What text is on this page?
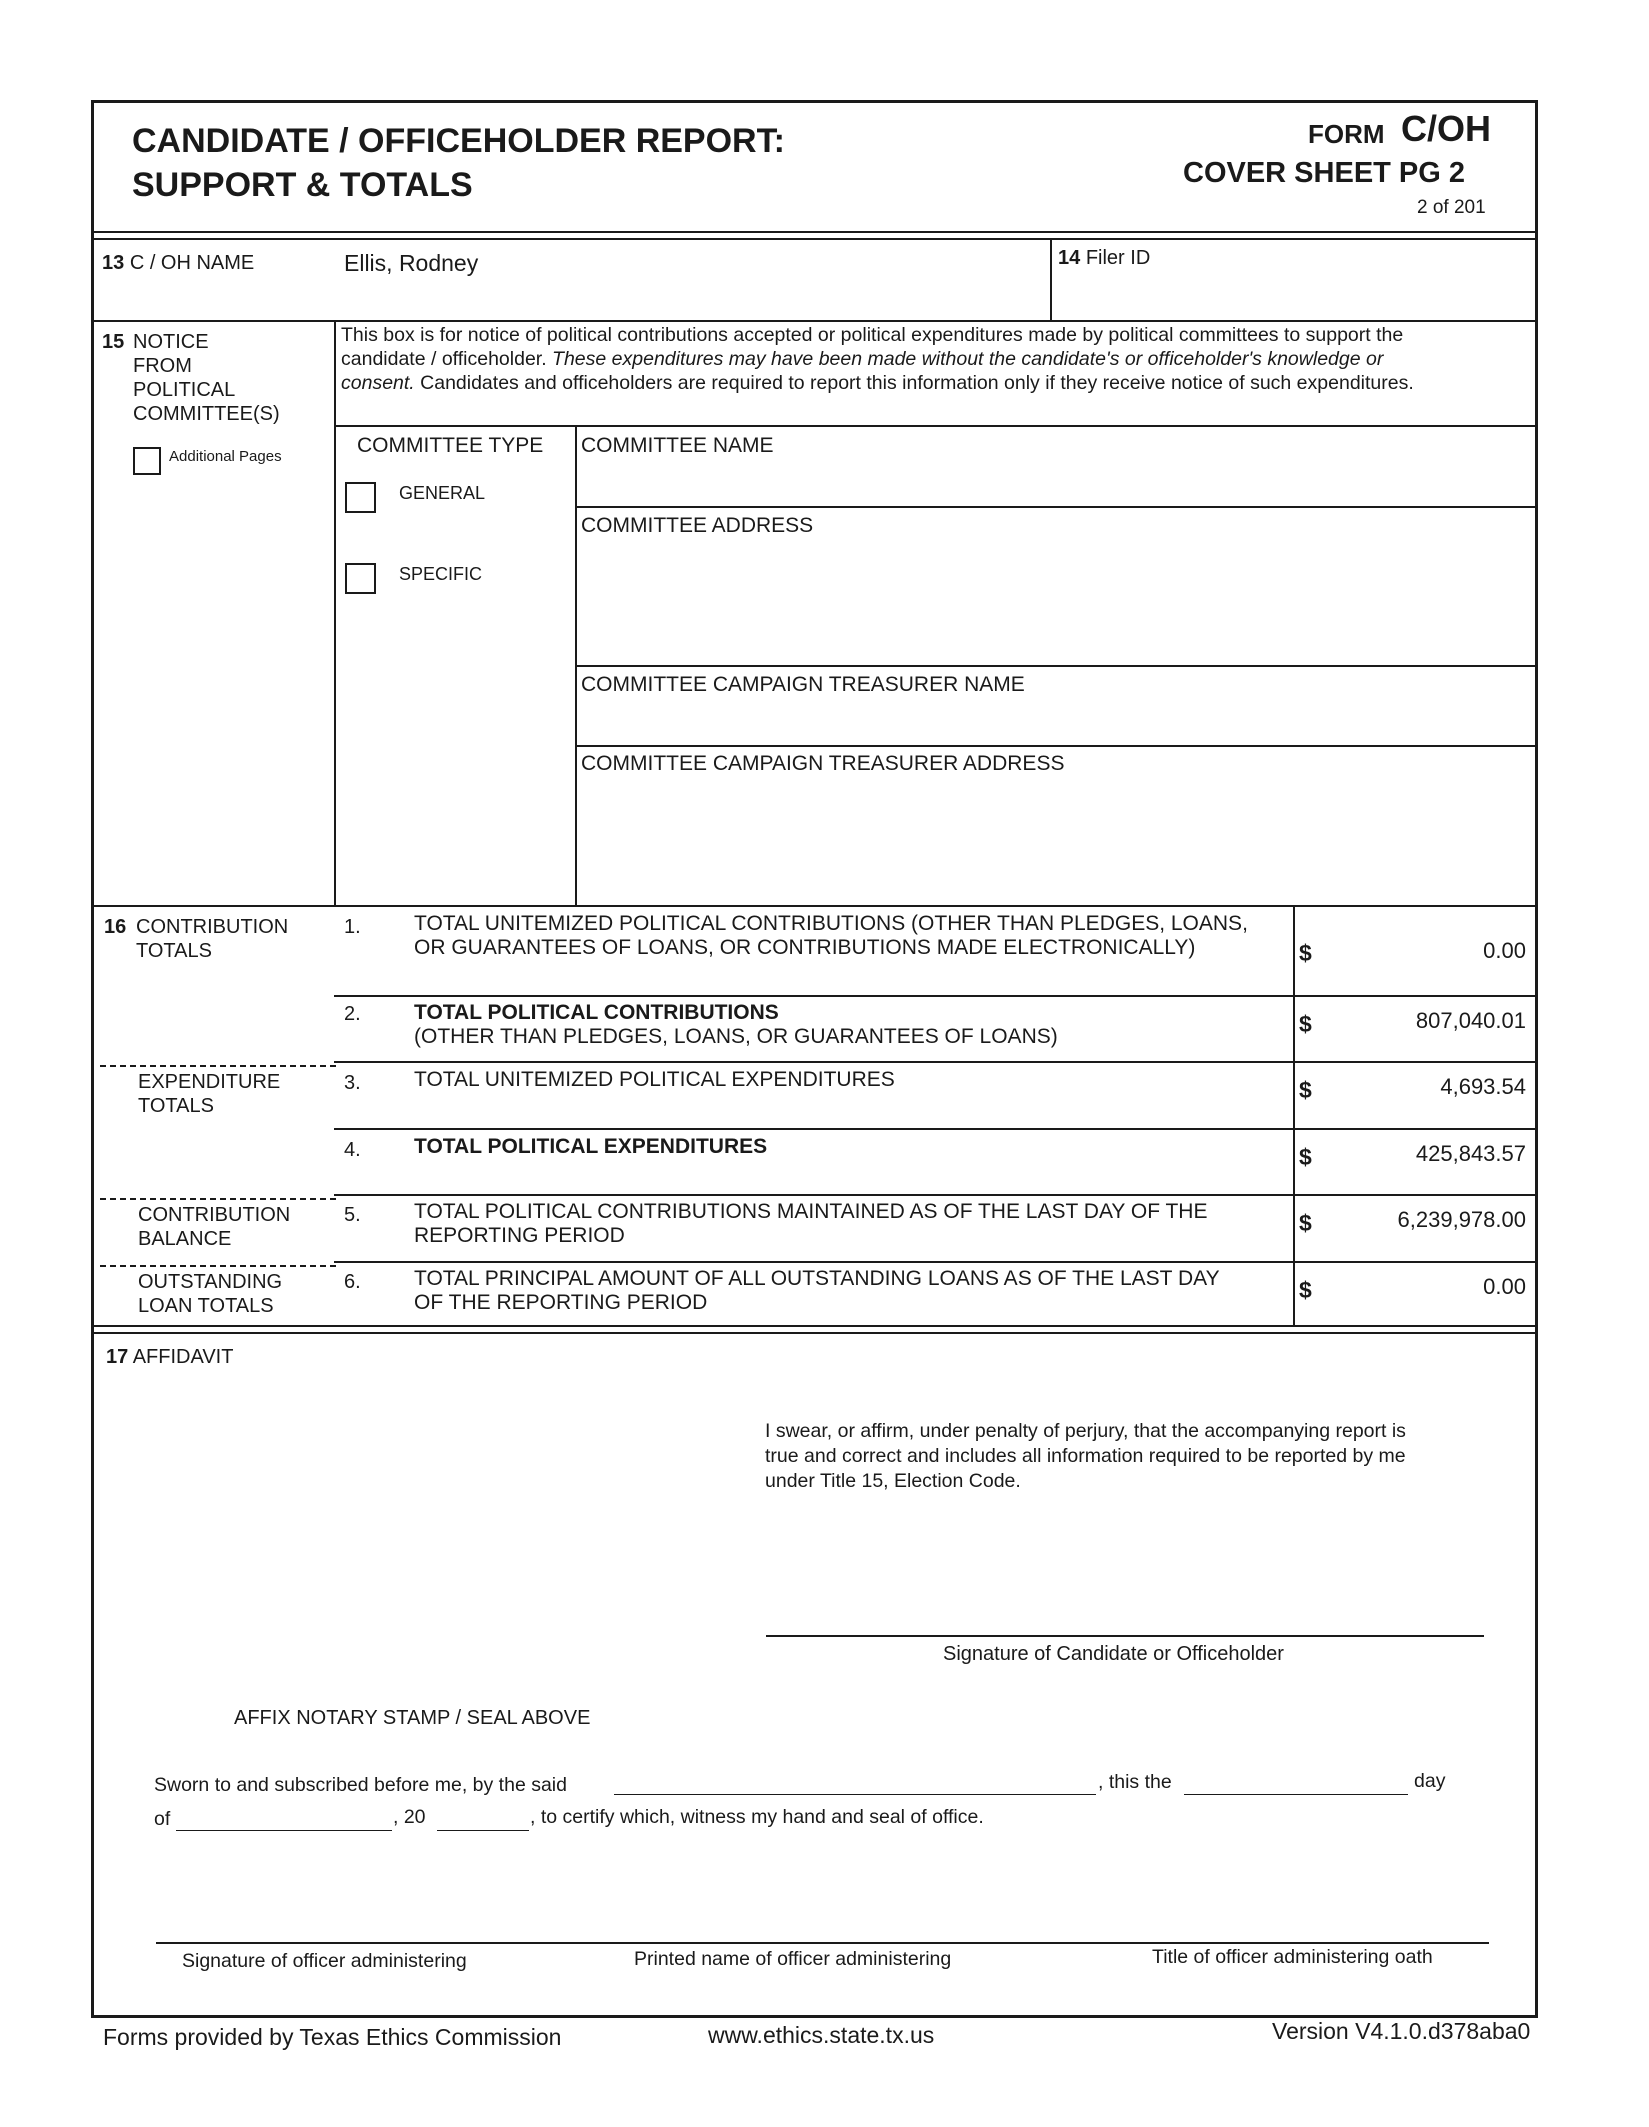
CANDIDATE / OFFICEHOLDER REPORT:
SUPPORT & TOTALS
FORM C/OH
COVER SHEET PG 2
2 of 201
13 C / OH NAME	Ellis, Rodney	14 Filer ID
15 NOTICE
FROM
POLITICAL
COMMITTEE(S)
Additional Pages
This box is for notice of political contributions accepted or political expenditures made by political committees to support the
candidate / officeholder. These expenditures may have been made without the candidate's or officeholder's knowledge or
consent. Candidates and officeholders are required to report this information only if they receive notice of such expenditures.
COMMITTEE TYPE
GENERAL
SPECIFIC
COMMITTEE NAME
COMMITTEE ADDRESS
COMMITTEE CAMPAIGN TREASURER NAME
COMMITTEE CAMPAIGN TREASURER ADDRESS
16 CONTRIBUTION
TOTALS
EXPENDITURE
TOTALS
CONTRIBUTION
BALANCE
OUTSTANDING
LOAN TOTALS
1.	TOTAL UNITEMIZED POLITICAL CONTRIBUTIONS (OTHER THAN PLEDGES, LOANS,
OR GUARANTEES OF LOANS, OR CONTRIBUTIONS MADE ELECTRONICALLY)	$	0.00
2.	TOTAL POLITICAL CONTRIBUTIONS
(OTHER THAN PLEDGES, LOANS, OR GUARANTEES OF LOANS)	$	807,040.01
3.	TOTAL UNITEMIZED POLITICAL EXPENDITURES	$	4,693.54
4.	TOTAL POLITICAL EXPENDITURES	$	425,843.57
5.	TOTAL POLITICAL CONTRIBUTIONS MAINTAINED AS OF THE LAST DAY OF THE
REPORTING PERIOD	$	6,239,978.00
6.	TOTAL PRINCIPAL AMOUNT OF ALL OUTSTANDING LOANS AS OF THE LAST DAY
OF THE REPORTING PERIOD	$	0.00
17 AFFIDAVIT
I swear, or affirm, under penalty of perjury, that the accompanying report is
true and correct and includes all information required to be reported by me
under Title 15, Election Code.
Signature of Candidate or Officeholder
AFFIX NOTARY STAMP / SEAL ABOVE
Sworn to and subscribed before me, by the said	, this the	day
of	, 20	, to certify which, witness my hand and seal of office.
Signature of officer administering	Printed name of officer administering	Title of officer administering oath
Forms provided by Texas Ethics Commission	www.ethics.state.tx.us	Version V4.1.0.d378aba0
